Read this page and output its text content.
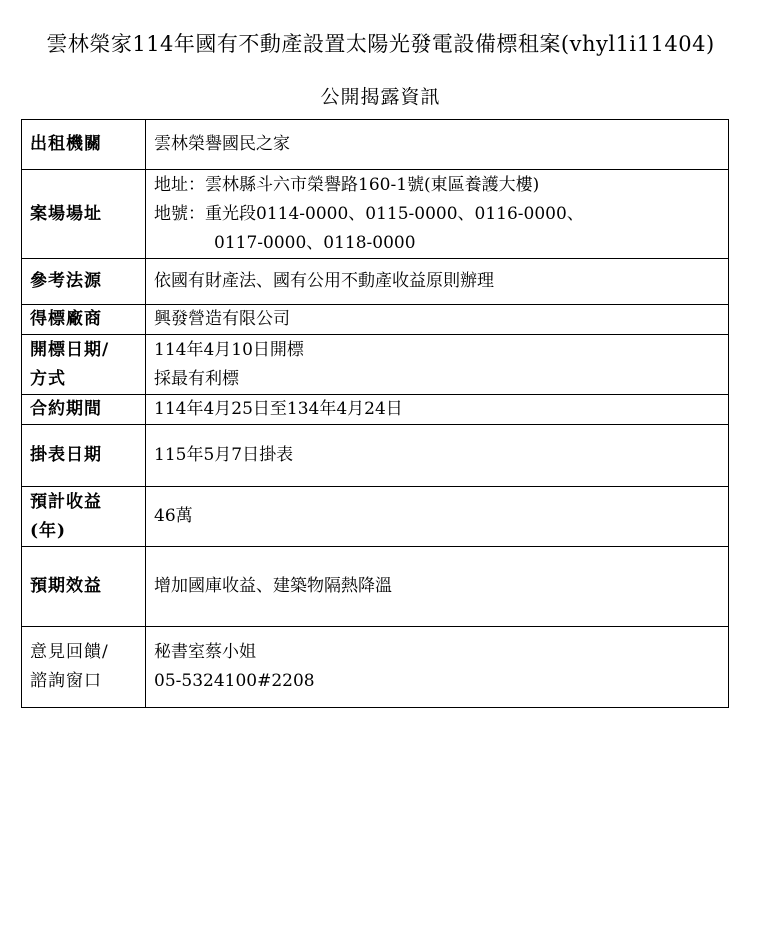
雲林榮家114年國有不動產設置太陽光發電設備標租案(vhyl1i11404)
公開揭露資訊
出租機關	雲林榮譽國民之家

案場場址	地址：雲林縣斗六市榮譽路160-1號(東區養護大樓)
地號：重光段0114-0000、0115-0000、0116-0000、
0117-0000、0118-0000

參考法源	依國有財產法、國有公用不動產收益原則辦理

得標廠商	興發營造有限公司

開標日期/
方式	114年4月10日開標
採最有利標

合約期間	114年4月25日至134年4月24日

掛表日期	115年5月7日掛表

預計收益
(年)	46萬

預期效益	增加國庫收益、建築物隔熱降溫

意見回饋/
諮詢窗口	秘書室蔡小姐
05-5324100#2208
